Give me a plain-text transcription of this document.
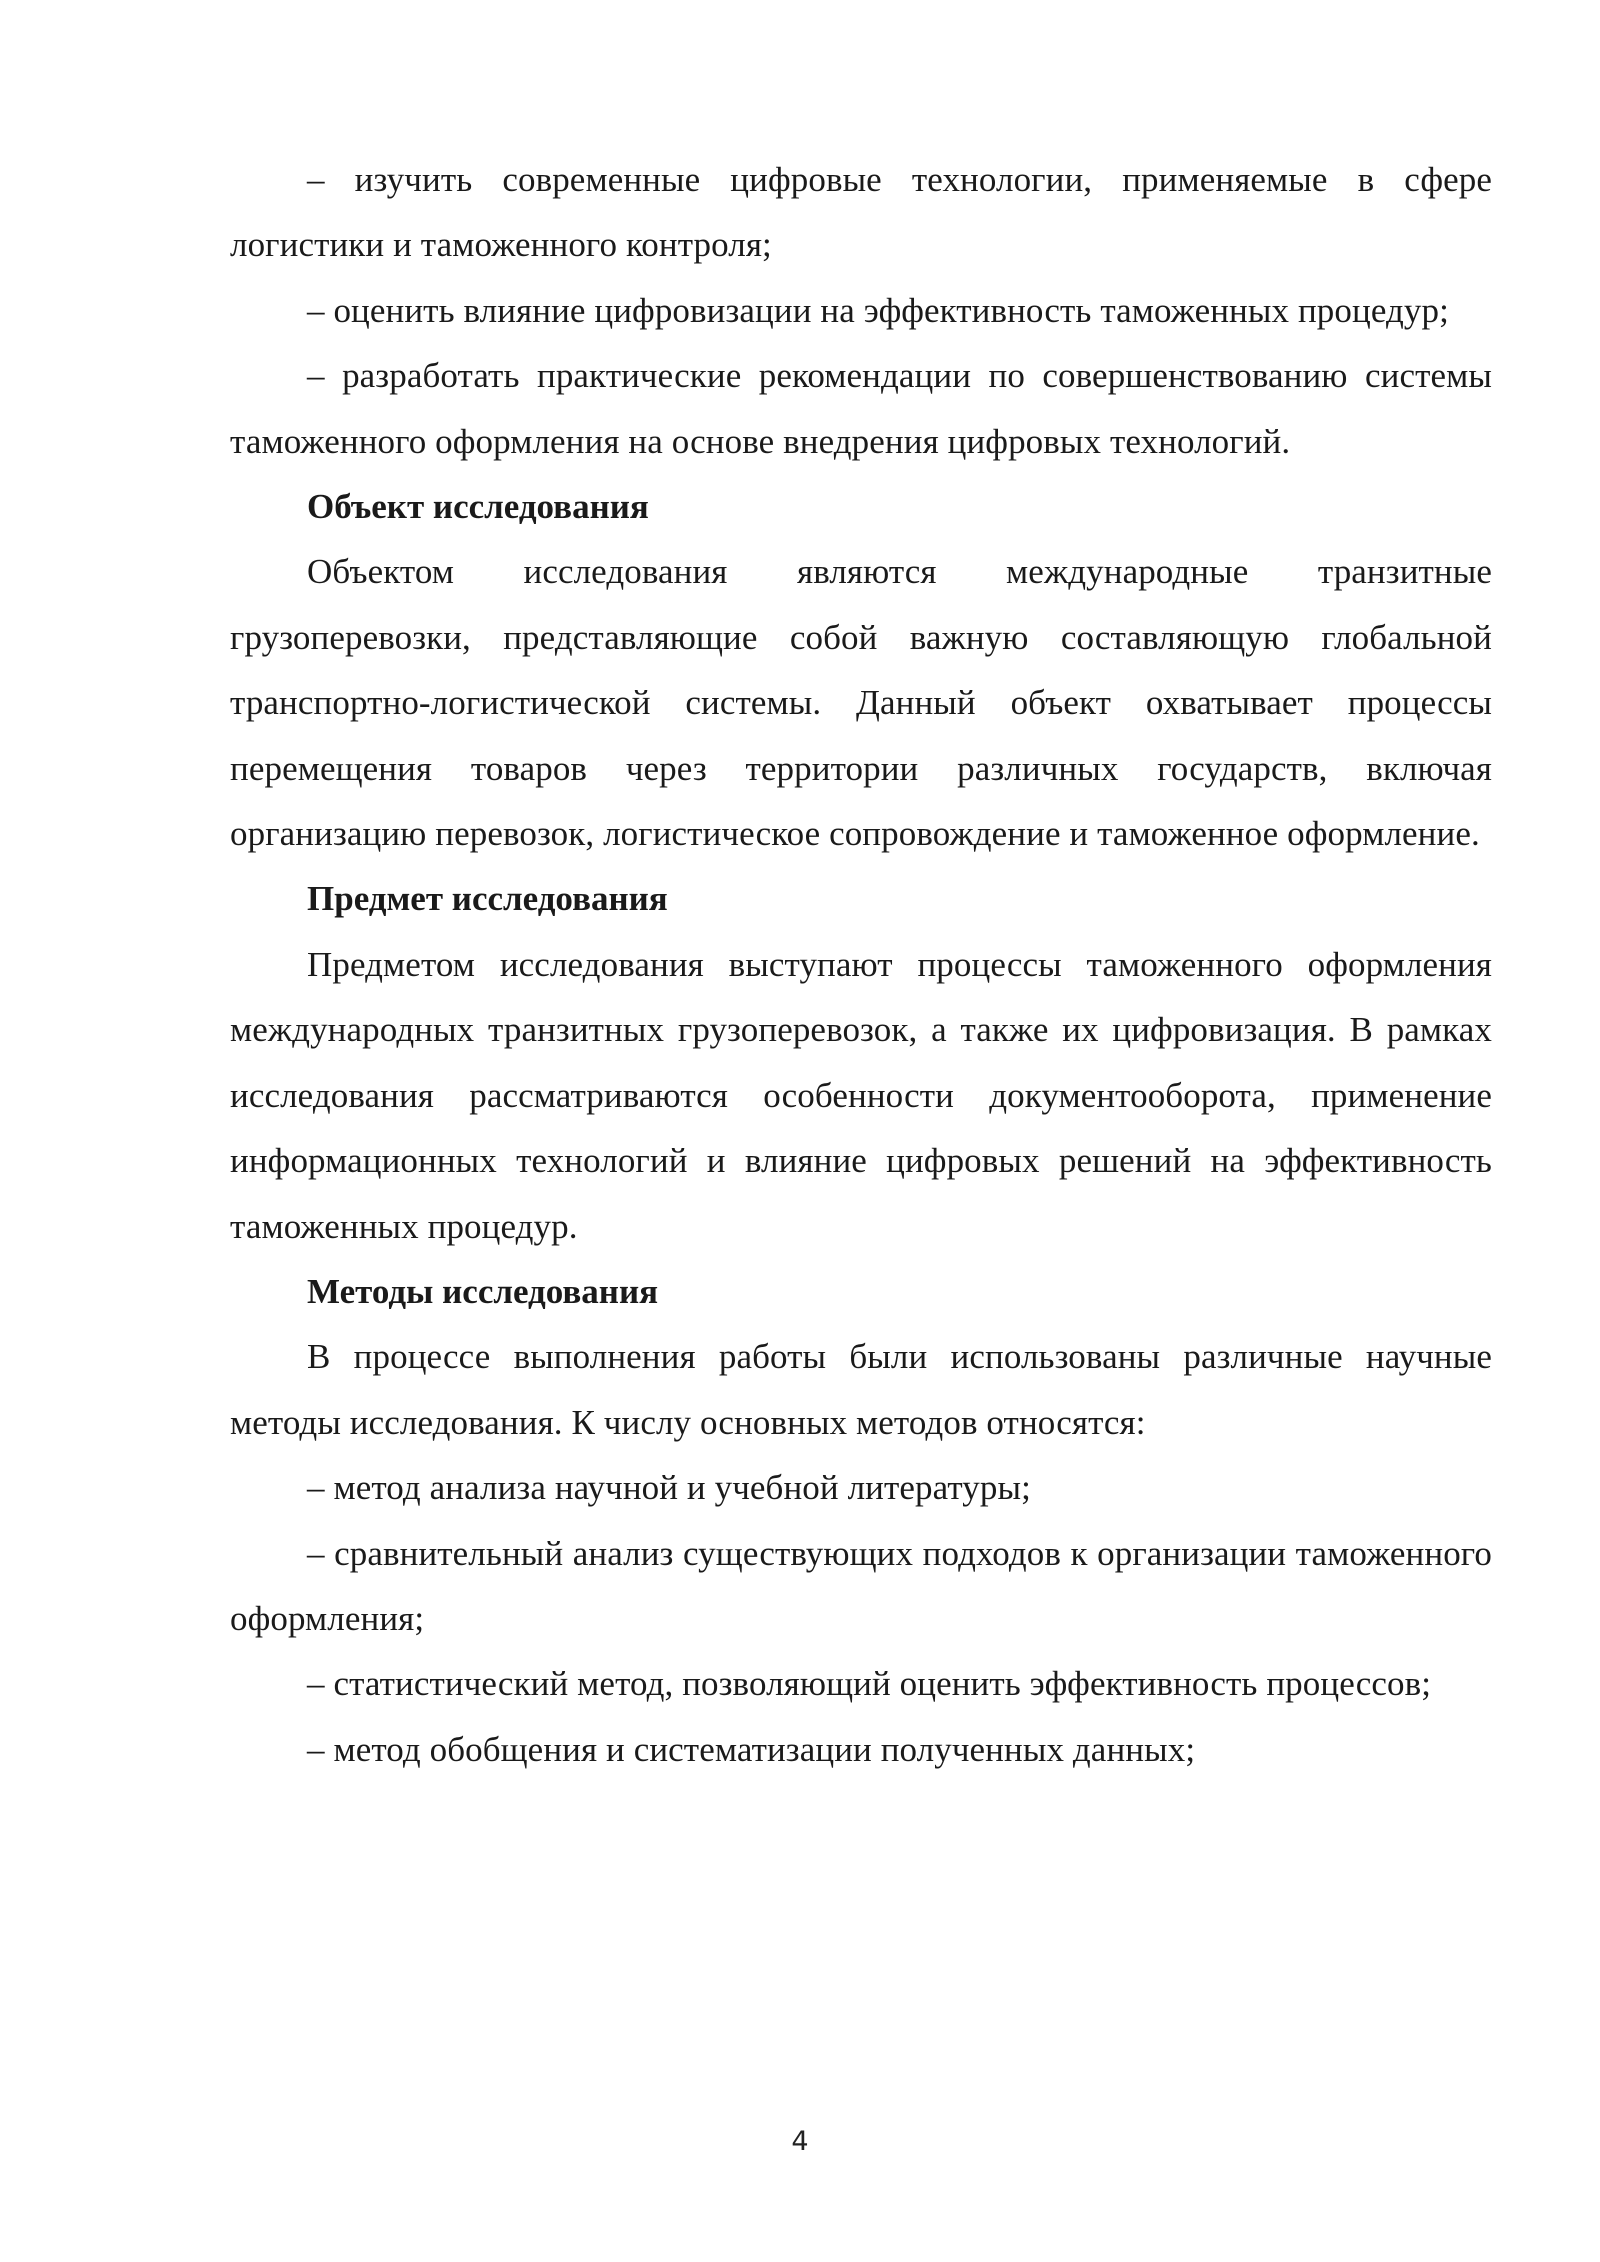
– изучить современные цифровые технологии, применяемые в сфере логистики и таможенного контроля;

– оценить влияние цифровизации на эффективность таможенных процедур;

– разработать практические рекомендации по совершенствованию системы таможенного оформления на основе внедрения цифровых технологий.

Объект исследования

Объектом исследования являются международные транзитные грузоперевозки, представляющие собой важную составляющую глобальной транспортно-логистической системы. Данный объект охватывает процессы перемещения товаров через территории различных государств, включая организацию перевозок, логистическое сопровождение и таможенное оформление.

Предмет исследования

Предметом исследования выступают процессы таможенного оформления международных транзитных грузоперевозок, а также их цифровизация. В рамках исследования рассматриваются особенности документооборота, применение информационных технологий и влияние цифровых решений на эффективность таможенных процедур.

Методы исследования

В процессе выполнения работы были использованы различные научные методы исследования. К числу основных методов относятся:

– метод анализа научной и учебной литературы;

– сравнительный анализ существующих подходов к организации таможенного оформления;

– статистический метод, позволяющий оценить эффективность процессов;

– метод обобщения и систематизации полученных данных;

4
